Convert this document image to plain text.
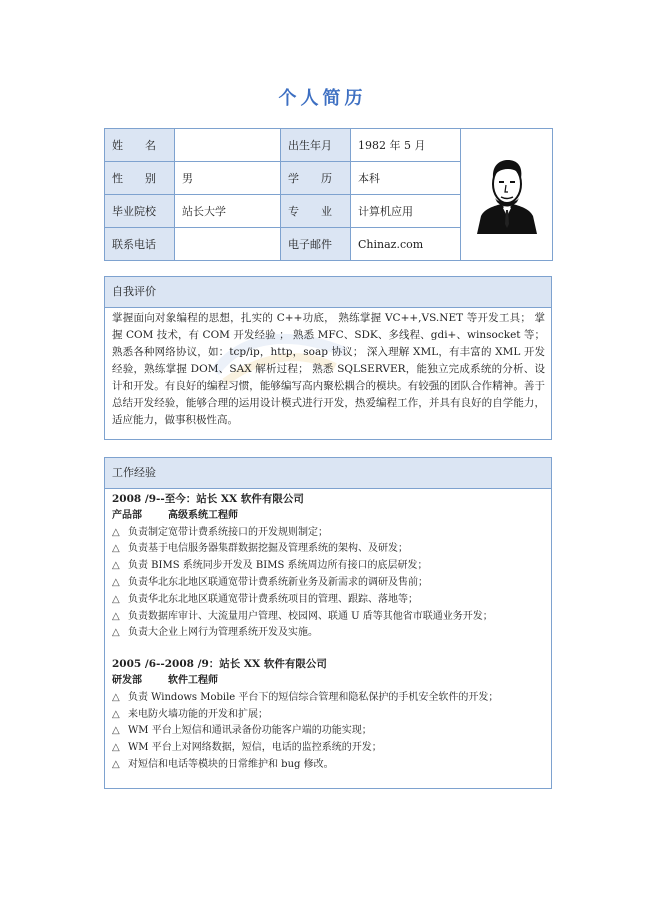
个人简历
姓　　名		出生年月	1982 年 5 月	
性　　别	男	学　　历	本科	
毕业院校	站长大学	专　　业	计算机应用	
联系电话		电子邮件	Chinaz.com	
自我评价
掌握面向对象编程的思想，扎实的 C++功底， 熟练掌握 VC++,VS.NET 等开发工具； 掌握 COM 技术，有 COM 开发经验 ； 熟悉 MFC、SDK、多线程、gdi+、winsocket 等； 熟悉各种网络协议，如：tcp/ip，http，soap 协议； 深入理解 XML，有丰富的 XML 开发经验，熟练掌握 DOM、SAX 解析过程； 熟悉 SQLSERVER，能独立完成系统的分析、设计和开发。有良好的编程习惯，能够编写高内聚松耦合的模块。有较强的团队合作精神。善于总结开发经验，能够合理的运用设计模式进行开发，热爱编程工作，并具有良好的自学能力，适应能力，做事积极性高。
工作经验
2008 /9--至今：站长 XX 软件有限公司
产品部	高级系统工程师
△ 负责制定宽带计费系统接口的开发规则制定；
△ 负责基于电信服务器集群数据挖掘及管理系统的架构、及研发；
△ 负责 BIMS 系统同步开发及 BIMS 系统周边所有接口的底层研发；
△ 负责华北东北地区联通宽带计费系统新业务及新需求的调研及售前；
△ 负责华北东北地区联通宽带计费系统项目的管理、跟踪、落地等；
△ 负责数据库审计、大流量用户管理、校园网、联通 U 盾等其他省市联通业务开发；
△ 负责大企业上网行为管理系统开发及实施。
2005 /6--2008 /9：站长 XX 软件有限公司
研发部	软件工程师
△ 负责 Windows Mobile 平台下的短信综合管理和隐私保护的手机安全软件的开发；
△ 来电防火墙功能的开发和扩展；
△ WM 平台上短信和通讯录备份功能客户端的功能实现；
△ WM 平台上对网络数据，短信，电话的监控系统的开发；
△ 对短信和电话等模块的日常维护和 bug 修改。
